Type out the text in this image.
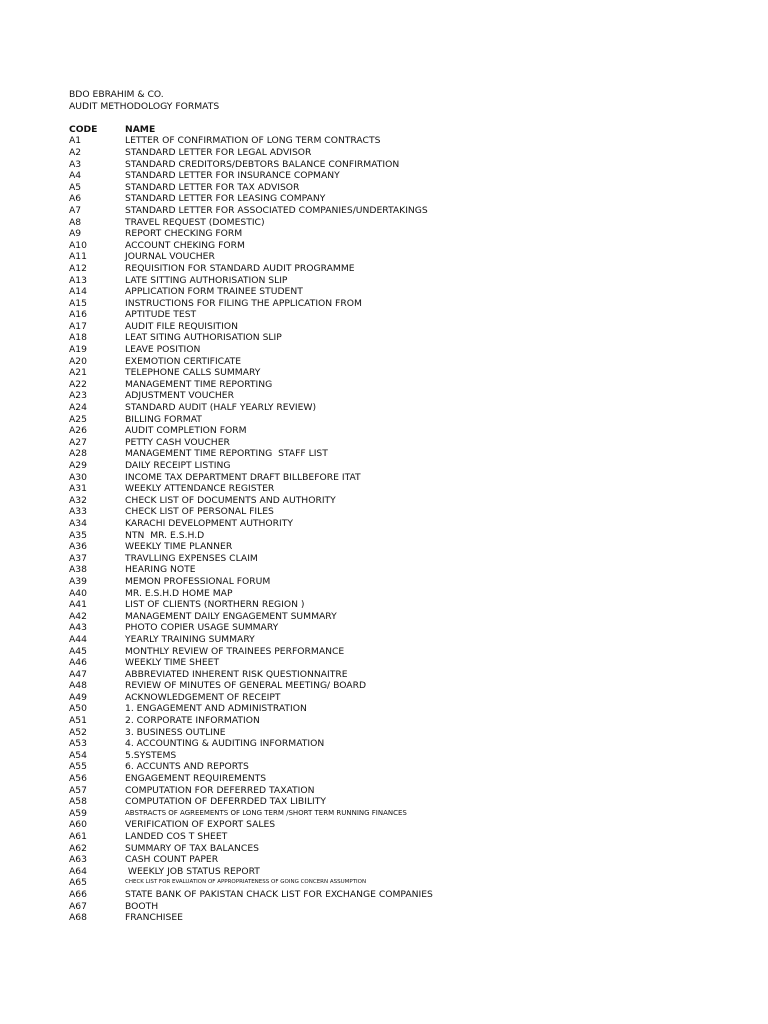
BDO EBRAHIM & CO.
AUDIT METHODOLOGY FORMATS
CODE	NAME
A1	LETTER OF CONFIRMATION OF LONG TERM CONTRACTS
A2	STANDARD LETTER FOR LEGAL ADVISOR
A3	STANDARD CREDITORS/DEBTORS BALANCE CONFIRMATION
A4	STANDARD LETTER FOR INSURANCE COPMANY
A5	STANDARD LETTER FOR TAX ADVISOR
A6	STANDARD LETTER FOR LEASING COMPANY
A7	STANDARD LETTER FOR ASSOCIATED COMPANIES/UNDERTAKINGS
A8	TRAVEL REQUEST (DOMESTIC)
A9	REPORT CHECKING FORM
A10	ACCOUNT CHEKING FORM
A11	JOURNAL VOUCHER
A12	REQUISITION FOR STANDARD AUDIT PROGRAMME
A13	LATE SITTING AUTHORISATION SLIP
A14	APPLICATION FORM TRAINEE STUDENT
A15	INSTRUCTIONS FOR FILING THE APPLICATION FROM
A16	APTITUDE TEST
A17	AUDIT FILE REQUISITION
A18	LEAT SITING AUTHORISATION SLIP
A19	LEAVE POSITION
A20	EXEMOTION CERTIFICATE
A21	TELEPHONE CALLS SUMMARY
A22	MANAGEMENT TIME REPORTING
A23	ADJUSTMENT VOUCHER
A24	STANDARD AUDIT (HALF YEARLY REVIEW)
A25	BILLING FORMAT
A26	AUDIT COMPLETION FORM
A27	PETTY CASH VOUCHER
A28	MANAGEMENT TIME REPORTING  STAFF LIST
A29	DAILY RECEIPT LISTING
A30	INCOME TAX DEPARTMENT DRAFT BILLBEFORE ITAT
A31	WEEKLY ATTENDANCE REGISTER
A32	CHECK LIST OF DOCUMENTS AND AUTHORITY
A33	CHECK LIST OF PERSONAL FILES
A34	KARACHI DEVELOPMENT AUTHORITY
A35	NTN  MR. E.S.H.D
A36	WEEKLY TIME PLANNER
A37	TRAVLLING EXPENSES CLAIM
A38	HEARING NOTE
A39	MEMON PROFESSIONAL FORUM
A40	MR. E.S.H.D HOME MAP
A41	LIST OF CLIENTS (NORTHERN REGION )
A42	MANAGEMENT DAILY ENGAGEMENT SUMMARY
A43	PHOTO COPIER USAGE SUMMARY
A44	YEARLY TRAINING SUMMARY
A45	MONTHLY REVIEW OF TRAINEES PERFORMANCE
A46	WEEKLY TIME SHEET
A47	ABBREVIATED INHERENT RISK QUESTIONNAITRE
A48	REVIEW OF MINUTES OF GENERAL MEETING/ BOARD
A49	ACKNOWLEDGEMENT OF RECEIPT
A50	1. ENGAGEMENT AND ADMINISTRATION
A51	2. CORPORATE INFORMATION
A52	3. BUSINESS OUTLINE
A53	4. ACCOUNTING & AUDITING INFORMATION
A54	5.SYSTEMS
A55	6. ACCUNTS AND REPORTS
A56	ENGAGEMENT REQUIREMENTS
A57	COMPUTATION FOR DEFERRED TAXATION
A58	COMPUTATION OF DEFERRDED TAX LIBILITY
A59	ABSTRACTS OF AGREEMENTS OF LONG TERM /SHORT TERM RUNNING FINANCES
A60	VERIFICATION OF EXPORT SALES
A61	LANDED COS T SHEET
A62	SUMMARY OF TAX BALANCES
A63	CASH COUNT PAPER
A64	WEEKLY JOB STATUS REPORT
A65	CHECK LIST FOR EVALUATION OF APPROPRIATENESS OF GOING CONCERN ASSUMPTION
A66	STATE BANK OF PAKISTAN CHACK LIST FOR EXCHANGE COMPANIES
A67	BOOTH
A68	FRANCHISEE
